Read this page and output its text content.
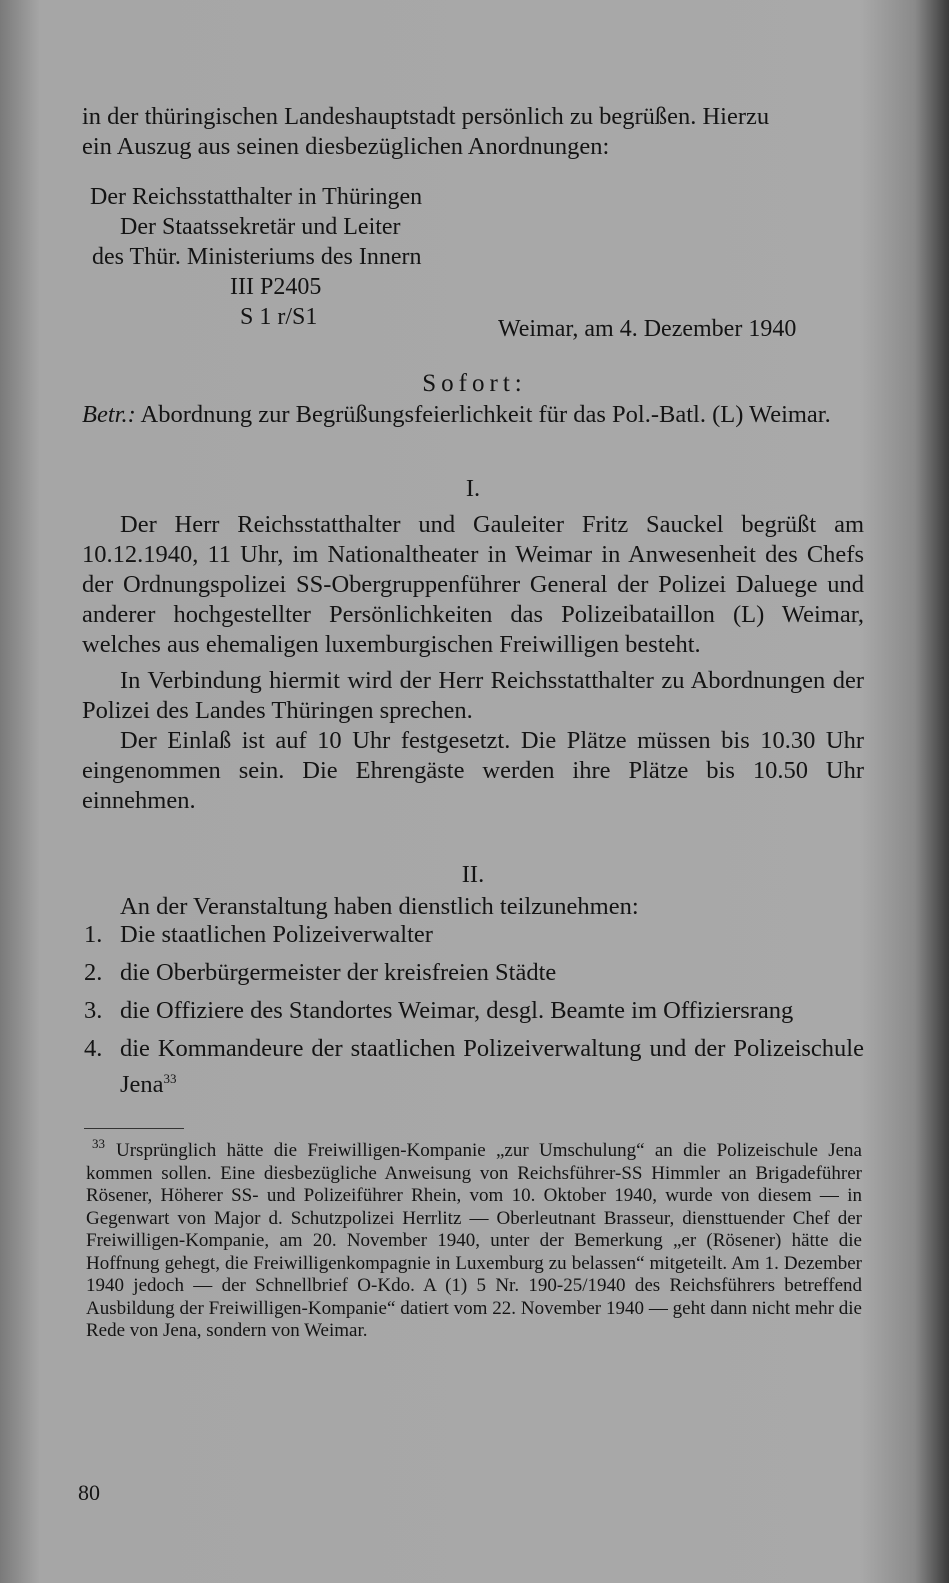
in der thüringischen Landeshauptstadt persönlich zu begrüßen. Hierzu
ein Auszug aus seinen diesbezüglichen Anordnungen:
Der Reichsstatthalter in Thüringen
Der Staatssekretär und Leiter
des Thür. Ministeriums des Innern
III P2405
S 1 r/S1	Weimar, am 4. Dezember 1940
Sofort:
Betr.: Abordnung zur Begrüßungsfeierlichkeit für das Pol.-Batl. (L) Weimar.
I.
Der Herr Reichsstatthalter und Gauleiter Fritz Sauckel begrüßt am 10.12.1940, 11 Uhr, im Nationaltheater in Weimar in Anwesenheit des Chefs der Ordnungspolizei SS-Obergruppenführer General der Polizei Daluege und anderer hochgestellter Persönlichkeiten das Polizeibataillon (L) Weimar, welches aus ehemaligen luxemburgischen Freiwilligen besteht.
In Verbindung hiermit wird der Herr Reichsstatthalter zu Abordnungen der Polizei des Landes Thüringen sprechen.
Der Einlaß ist auf 10 Uhr festgesetzt. Die Plätze müssen bis 10.30 Uhr eingenommen sein. Die Ehrengäste werden ihre Plätze bis 10.50 Uhr einnehmen.
II.
An der Veranstaltung haben dienstlich teilzunehmen:
1. Die staatlichen Polizeiverwalter
2. die Oberbürgermeister der kreisfreien Städte
3. die Offiziere des Standortes Weimar, desgl. Beamte im Offiziersrang
4. die Kommandeure der staatlichen Polizeiverwaltung und der Polizeischule Jena$^{33}$
33 Ursprünglich hätte die Freiwilligen-Kompanie „zur Umschulung“ an die Polizeischule Jena kommen sollen. Eine diesbezügliche Anweisung von Reichsführer-SS Himmler an Brigadeführer Rösener, Höherer SS- und Polizeiführer Rhein, vom 10. Oktober 1940, wurde von diesem — in Gegenwart von Major d. Schutzpolizei Herrlitz — Oberleutnant Brasseur, diensttuender Chef der Freiwilligen-Kompanie, am 20. November 1940, unter der Bemerkung „er (Rösener) hätte die Hoffnung gehegt, die Freiwilligenkompagnie in Luxemburg zu belassen“ mitgeteilt. Am 1. Dezember 1940 jedoch — der Schnellbrief O-Kdo. A (1) 5 Nr. 190-25/1940 des Reichsführers betreffend Ausbildung der Freiwilligen-Kompanie“ datiert vom 22. November 1940 — geht dann nicht mehr die Rede von Jena, sondern von Weimar.
80
